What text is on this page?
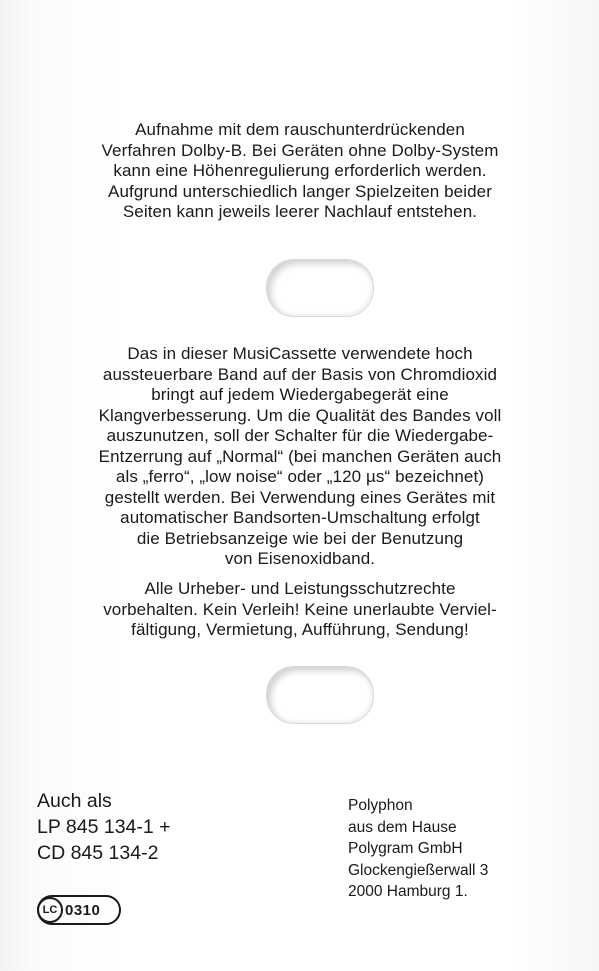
Aufnahme mit dem rauschunterdrückenden
Verfahren Dolby-B. Bei Geräten ohne Dolby-System
kann eine Höhenregulierung erforderlich werden.
Aufgrund unterschiedlich langer Spielzeiten beider
Seiten kann jeweils leerer Nachlauf entstehen.
Das in dieser MusiCassette verwendete hoch
aussteuerbare Band auf der Basis von Chromdioxid
bringt auf jedem Wiedergabegerät eine
Klangverbesserung. Um die Qualität des Bandes voll
auszunutzen, soll der Schalter für die Wiedergabe-
Entzerrung auf „Normal“ (bei manchen Geräten auch
als „ferro“, „low noise“ oder „120 µs“ bezeichnet)
gestellt werden. Bei Verwendung eines Gerätes mit
automatischer Bandsorten-Umschaltung erfolgt
die Betriebsanzeige wie bei der Benutzung
von Eisenoxidband.
Alle Urheber- und Leistungsschutzrechte
vorbehalten. Kein Verleih! Keine unerlaubte Verviel-
fältigung, Vermietung, Aufführung, Sendung!
Auch als
LP 845 134-1 +
CD 845 134-2
Polyphon
aus dem Hause
Polygram GmbH
Glockengießerwall 3
2000 Hamburg 1.
LC 0310
